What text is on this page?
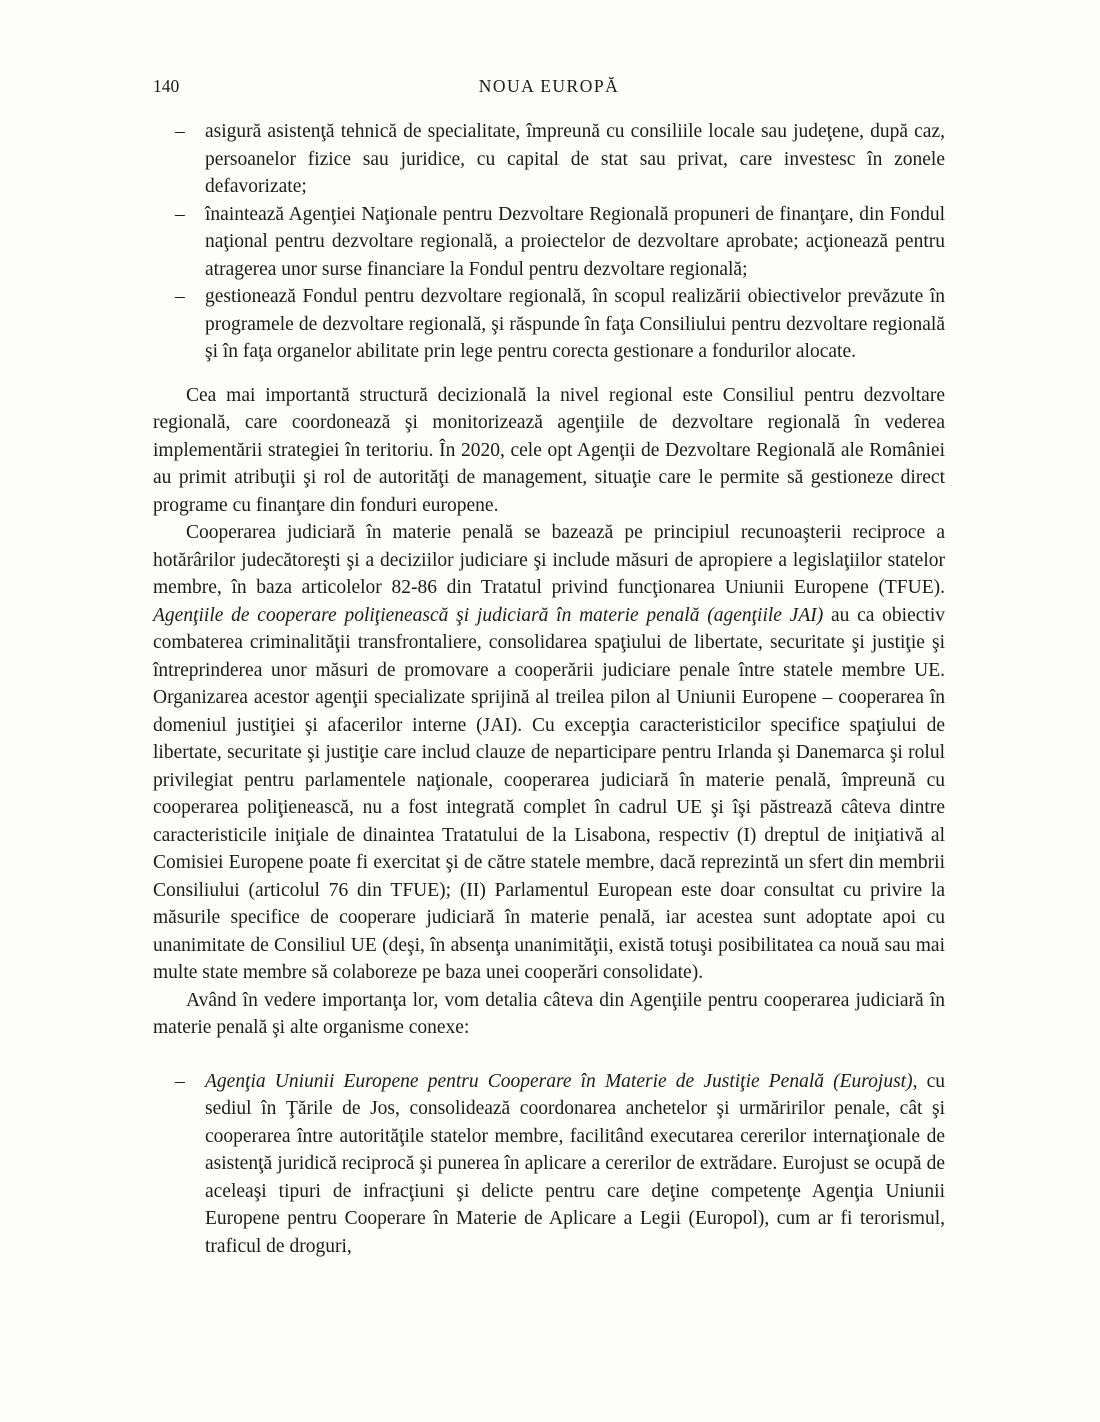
140	NOUA EUROPĂ
– asigură asistenţă tehnică de specialitate, împreună cu consiliile locale sau judeţene, după caz, persoanelor fizice sau juridice, cu capital de stat sau privat, care investesc în zonele defavorizate;
– înaintează Agenţiei Naţionale pentru Dezvoltare Regională propuneri de finanţare, din Fondul naţional pentru dezvoltare regională, a proiectelor de dezvoltare aprobate; acţionează pentru atragerea unor surse financiare la Fondul pentru dezvoltare regională;
– gestionează Fondul pentru dezvoltare regională, în scopul realizării obiectivelor prevăzute în programele de dezvoltare regională, şi răspunde în faţa Consiliului pentru dezvoltare regională şi în faţa organelor abilitate prin lege pentru corecta gestionare a fondurilor alocate.

Cea mai importantă structură decizională la nivel regional este Consiliul pentru dezvoltare regională, care coordonează şi monitorizează agenţiile de dezvoltare regională în vederea implementării strategiei în teritoriu. În 2020, cele opt Agenţii de Dezvoltare Regională ale României au primit atribuţii şi rol de autorităţi de management, situaţie care le permite să gestioneze direct programe cu finanţare din fonduri europene.

Cooperarea judiciară în materie penală se bazează pe principiul recunoaşterii reciproce a hotărârilor judecătoreşti şi a deciziilor judiciare şi include măsuri de apropiere a legislaţiilor statelor membre, în baza articolelor 82-86 din Tratatul privind funcţionarea Uniunii Europene (TFUE). Agenţiile de cooperare poliţienească şi judiciară în materie penală (agenţiile JAI) au ca obiectiv combaterea criminalităţii transfrontaliere, consolidarea spaţiului de libertate, securitate şi justiţie şi întreprinderea unor măsuri de promovare a cooperării judiciare penale între statele membre UE. Organizarea acestor agenţii specializate sprijină al treilea pilon al Uniunii Europene – cooperarea în domeniul justiţiei şi afacerilor interne (JAI). Cu excepţia caracteristicilor specifice spaţiului de libertate, securitate şi justiţie care includ clauze de neparticipare pentru Irlanda şi Danemarca şi rolul privilegiat pentru parlamentele naţionale, cooperarea judiciară în materie penală, împreună cu cooperarea poliţienească, nu a fost integrată complet în cadrul UE şi îşi păstrează câteva dintre caracteristicile iniţiale de dinaintea Tratatului de la Lisabona, respectiv (I) dreptul de iniţiativă al Comisiei Europene poate fi exercitat şi de către statele membre, dacă reprezintă un sfert din membrii Consiliului (articolul 76 din TFUE); (II) Parlamentul European este doar consultat cu privire la măsurile specifice de cooperare judiciară în materie penală, iar acestea sunt adoptate apoi cu unanimitate de Consiliul UE (deşi, în absenţa unanimităţii, există totuşi posibilitatea ca nouă sau mai multe state membre să colaboreze pe baza unei cooperări consolidate).

Având în vedere importanţa lor, vom detalia câteva din Agenţiile pentru cooperarea judiciară în materie penală şi alte organisme conexe:

– Agenţia Uniunii Europene pentru Cooperare în Materie de Justiţie Penală (Eurojust), cu sediul în Ţările de Jos, consolidează coordonarea anchetelor şi urmăririlor penale, cât şi cooperarea între autorităţile statelor membre, facilitând executarea cererilor internaţionale de asistenţă juridică reciprocă şi punerea în aplicare a cererilor de extrădare. Eurojust se ocupă de aceleaşi tipuri de infracţiuni şi delicte pentru care deţine competenţe Agenţia Uniunii Europene pentru Cooperare în Materie de Aplicare a Legii (Europol), cum ar fi terorismul, traficul de droguri,
